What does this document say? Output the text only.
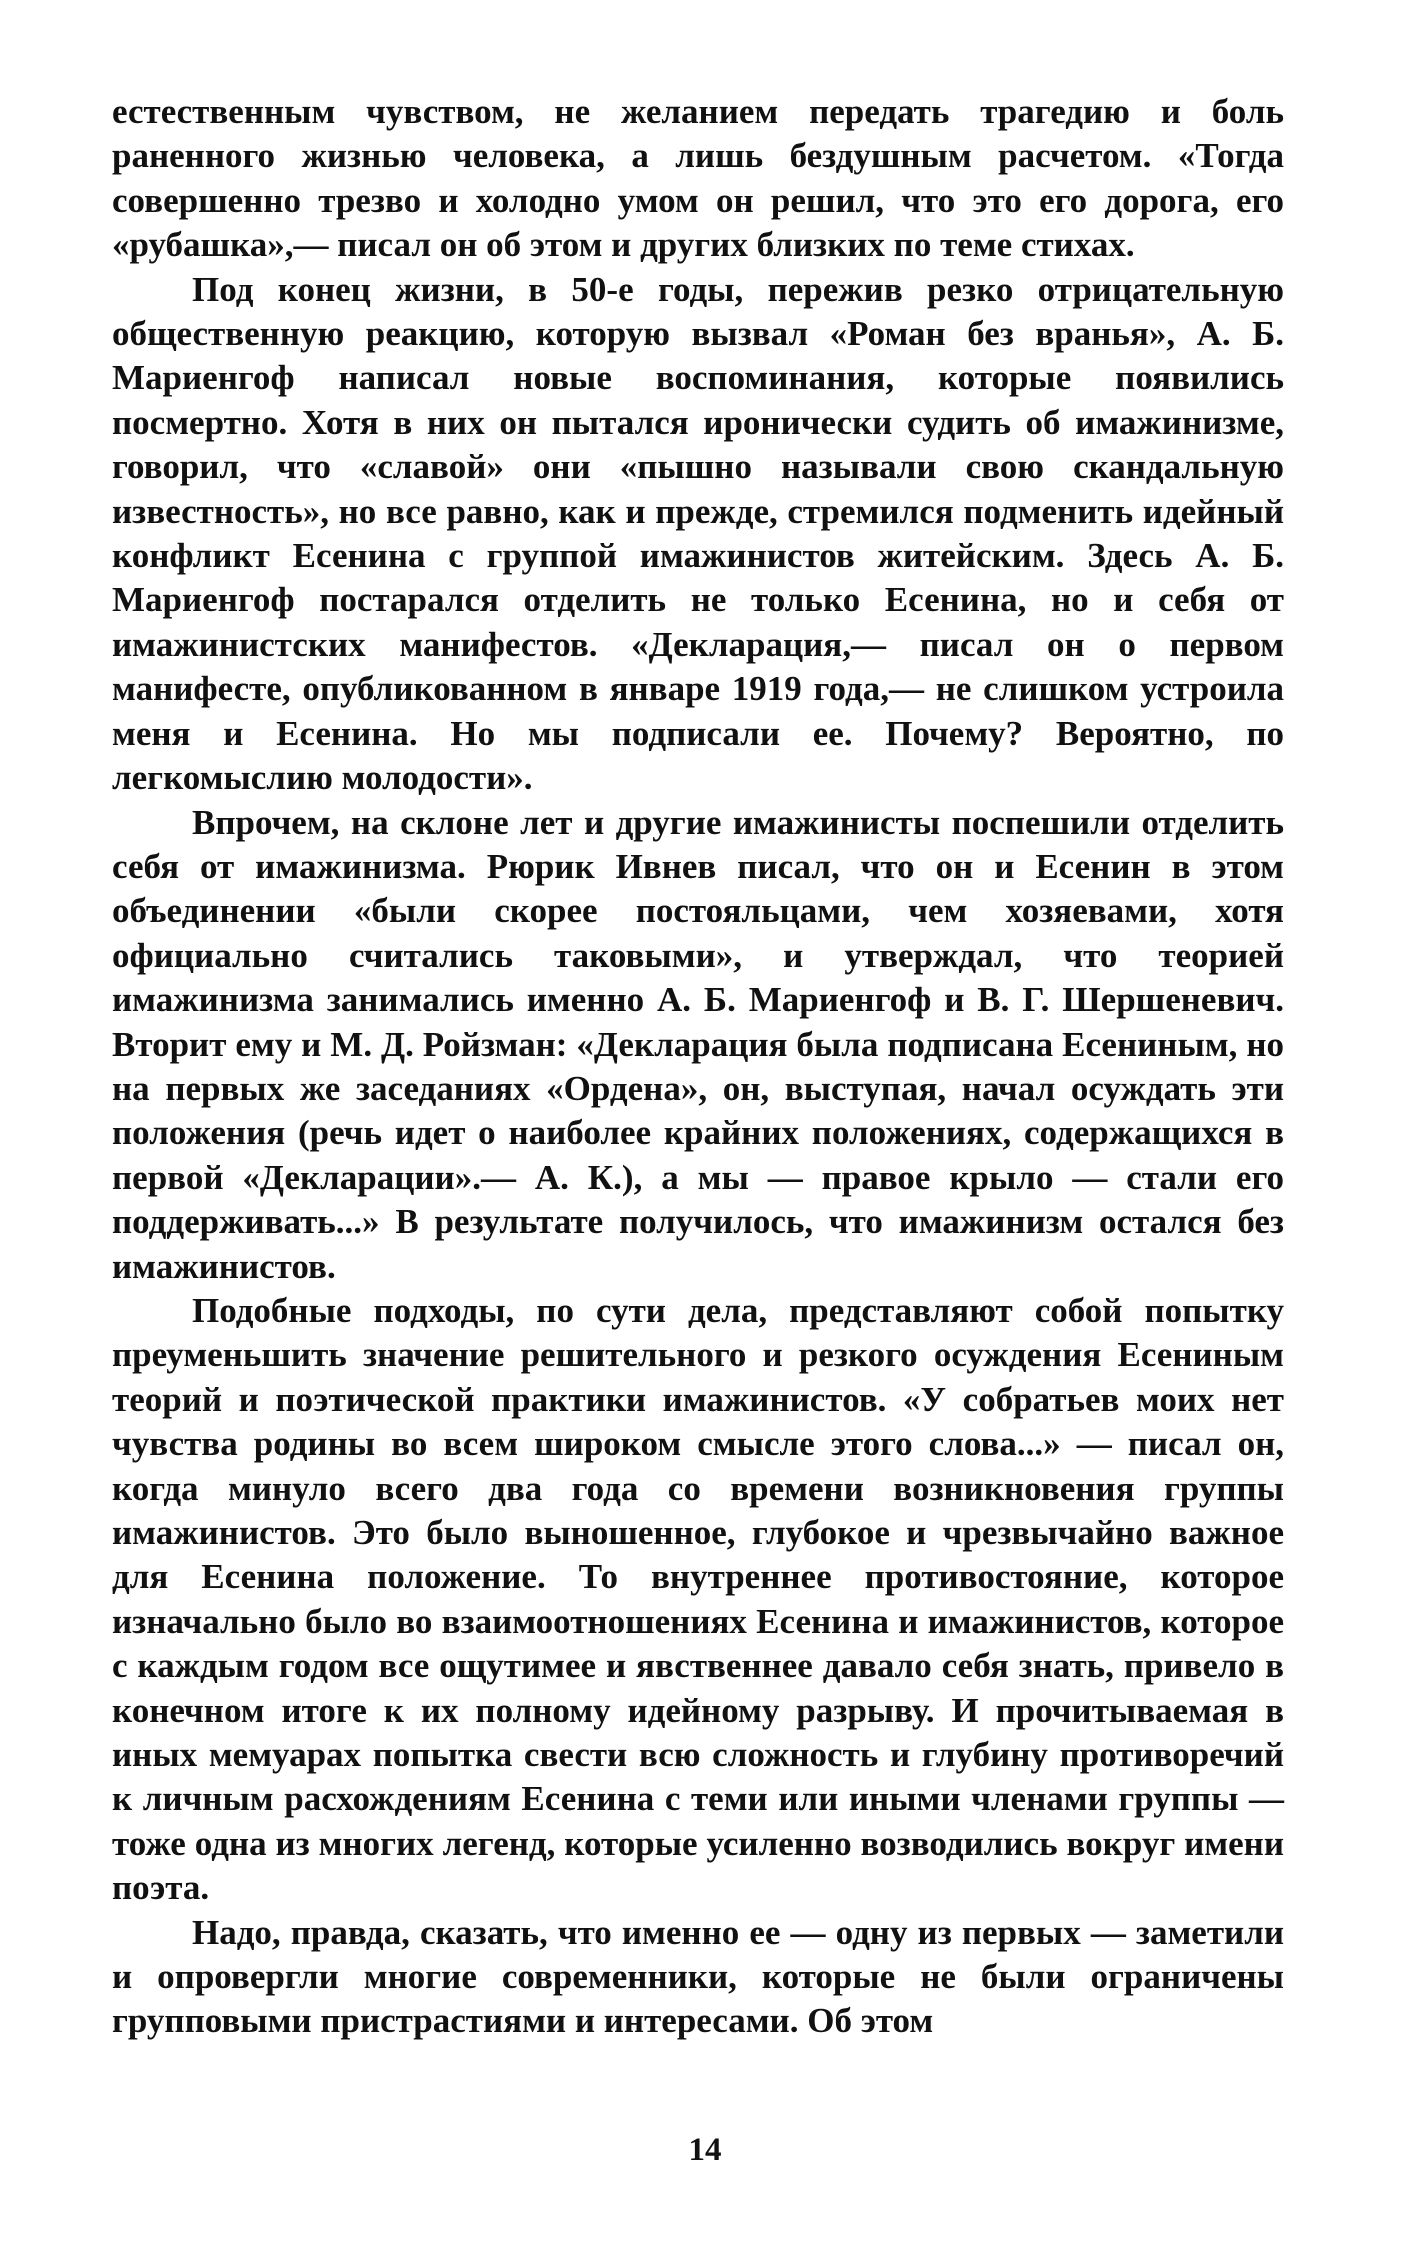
естественным чувством, не желанием передать трагедию и боль раненного жизнью человека, а лишь бездушным расчетом. «Тогда совершенно трезво и холодно умом он решил, что это его дорога, его «рубашка»,— писал он об этом и других близких по теме стихах.

Под конец жизни, в 50-е годы, пережив резко отрицательную общественную реакцию, которую вызвал «Роман без вранья», А. Б. Мариенгоф написал новые воспоминания, которые появились посмертно. Хотя в них он пытался иронически судить об имажинизме, говорил, что «славой» они «пышно называли свою скандальную известность», но все равно, как и прежде, стремился подменить идейный конфликт Есенина с группой имажинистов житейским. Здесь А. Б. Мариенгоф постарался отделить не только Есенина, но и себя от имажинистских манифестов. «Декларация,— писал он о первом манифесте, опубликованном в январе 1919 года,— не слишком устроила меня и Есенина. Но мы подписали ее. Почему? Вероятно, по легкомыслию молодости».

Впрочем, на склоне лет и другие имажинисты поспешили отделить себя от имажинизма. Рюрик Ивнев писал, что он и Есенин в этом объединении «были скорее постояльцами, чем хозяевами, хотя официально считались таковыми», и утверждал, что теорией имажинизма занимались именно А. Б. Мариенгоф и В. Г. Шершеневич. Вторит ему и М. Д. Ройзман: «Декларация была подписана Есениным, но на первых же заседаниях «Ордена», он, выступая, начал осуждать эти положения (речь идет о наиболее крайних положениях, содержащихся в первой «Декларации».— А. К.), а мы — правое крыло — стали его поддерживать...» В результате получилось, что имажинизм остался без имажинистов.

Подобные подходы, по сути дела, представляют собой попытку преуменьшить значение решительного и резкого осуждения Есениным теорий и поэтической практики имажинистов. «У собратьев моих нет чувства родины во всем широком смысле этого слова...» — писал он, когда минуло всего два года со времени возникновения группы имажинистов. Это было выношенное, глубокое и чрезвычайно важное для Есенина положение. То внутреннее противостояние, которое изначально было во взаимоотношениях Есенина и имажинистов, которое с каждым годом все ощутимее и явственнее давало себя знать, привело в конечном итоге к их полному идейному разрыву. И прочитываемая в иных мемуарах попытка свести всю сложность и глубину противоречий к личным расхождениям Есенина с теми или иными членами группы — тоже одна из многих легенд, которые усиленно возводились вокруг имени поэта.

Надо, правда, сказать, что именно ее — одну из первых — заметили и опровергли многие современники, которые не были ограничены групповыми пристрастиями и интересами. Об этом

14
